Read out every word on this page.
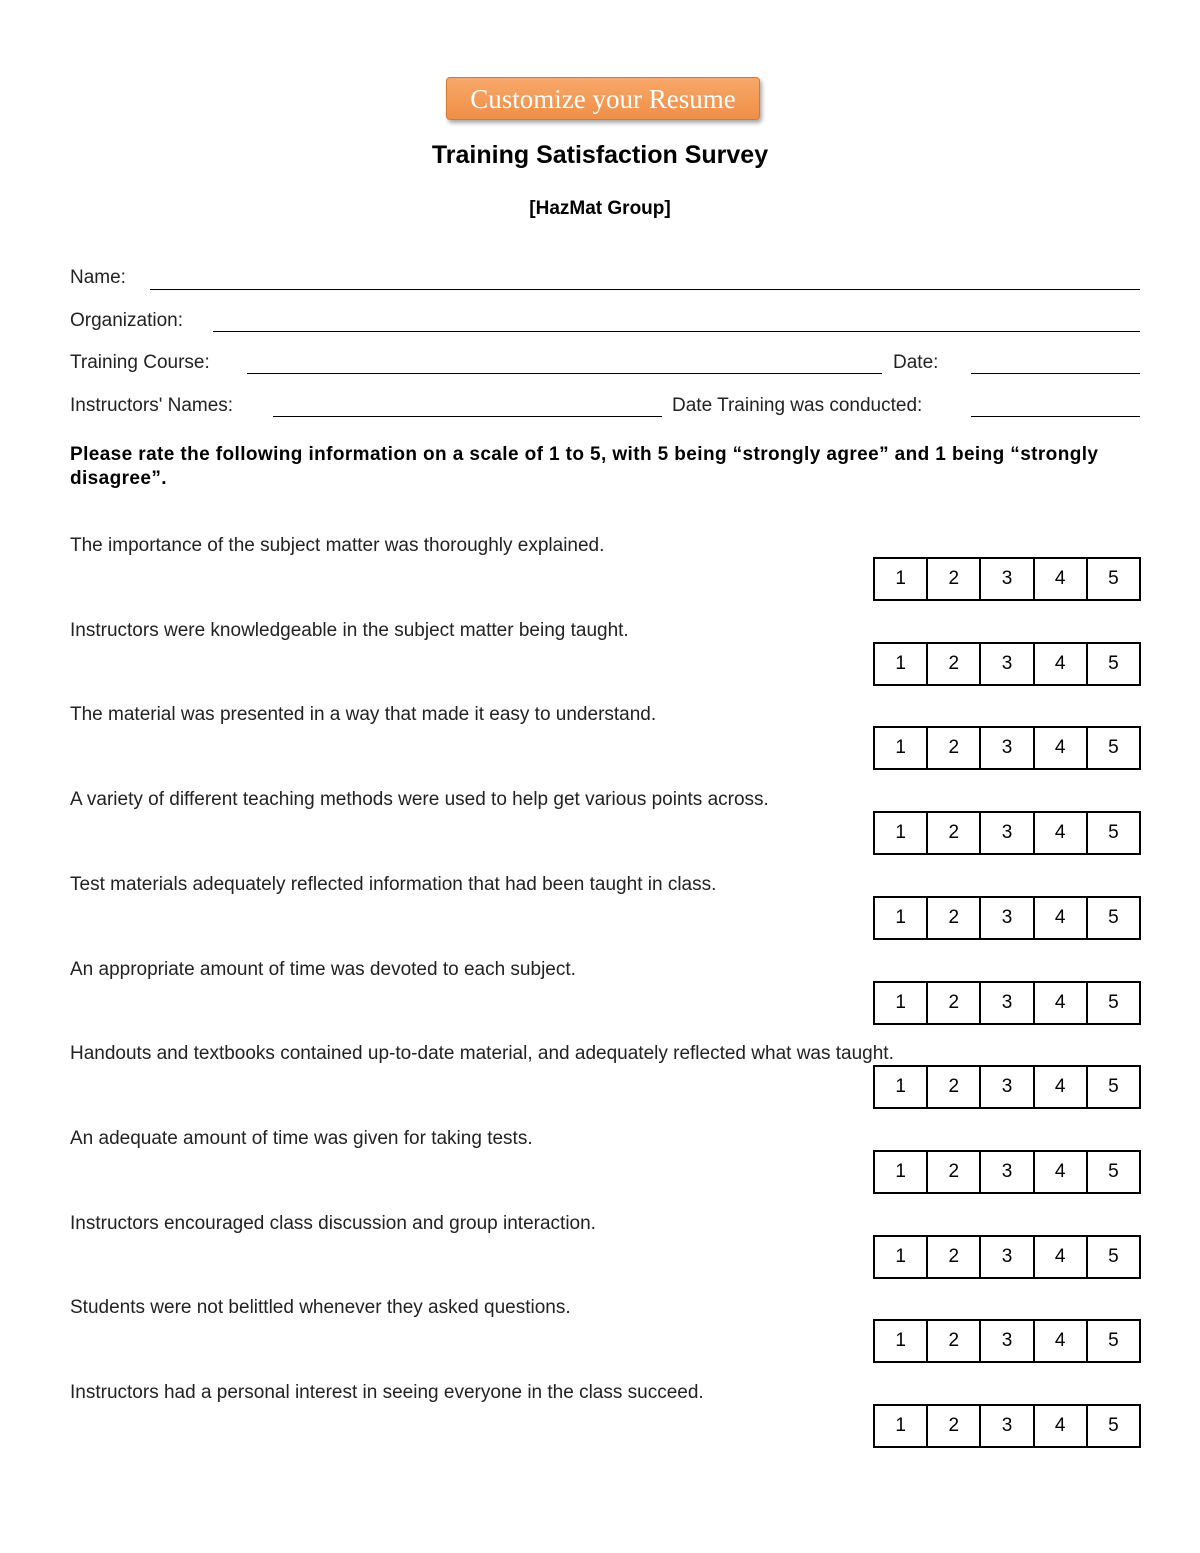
Customize your Resume
Training Satisfaction Survey
[HazMat Group]
Name:
Organization:
Training Course:	Date:
Instructors' Names:	Date Training was conducted:
Please rate the following information on a scale of 1 to 5, with 5 being “strongly agree” and 1 being “strongly disagree”.
The importance of the subject matter was thoroughly explained.
1	2	3	4	5
Instructors were knowledgeable in the subject matter being taught.
1	2	3	4	5
The material was presented in a way that made it easy to understand.
1	2	3	4	5
A variety of different teaching methods were used to help get various points across.
1	2	3	4	5
Test materials adequately reflected information that had been taught in class.
1	2	3	4	5
An appropriate amount of time was devoted to each subject.
1	2	3	4	5
Handouts and textbooks contained up-to-date material, and adequately reflected what was taught.
1	2	3	4	5
An adequate amount of time was given for taking tests.
1	2	3	4	5
Instructors encouraged class discussion and group interaction.
1	2	3	4	5
Students were not belittled whenever they asked questions.
1	2	3	4	5
Instructors had a personal interest in seeing everyone in the class succeed.
1	2	3	4	5
